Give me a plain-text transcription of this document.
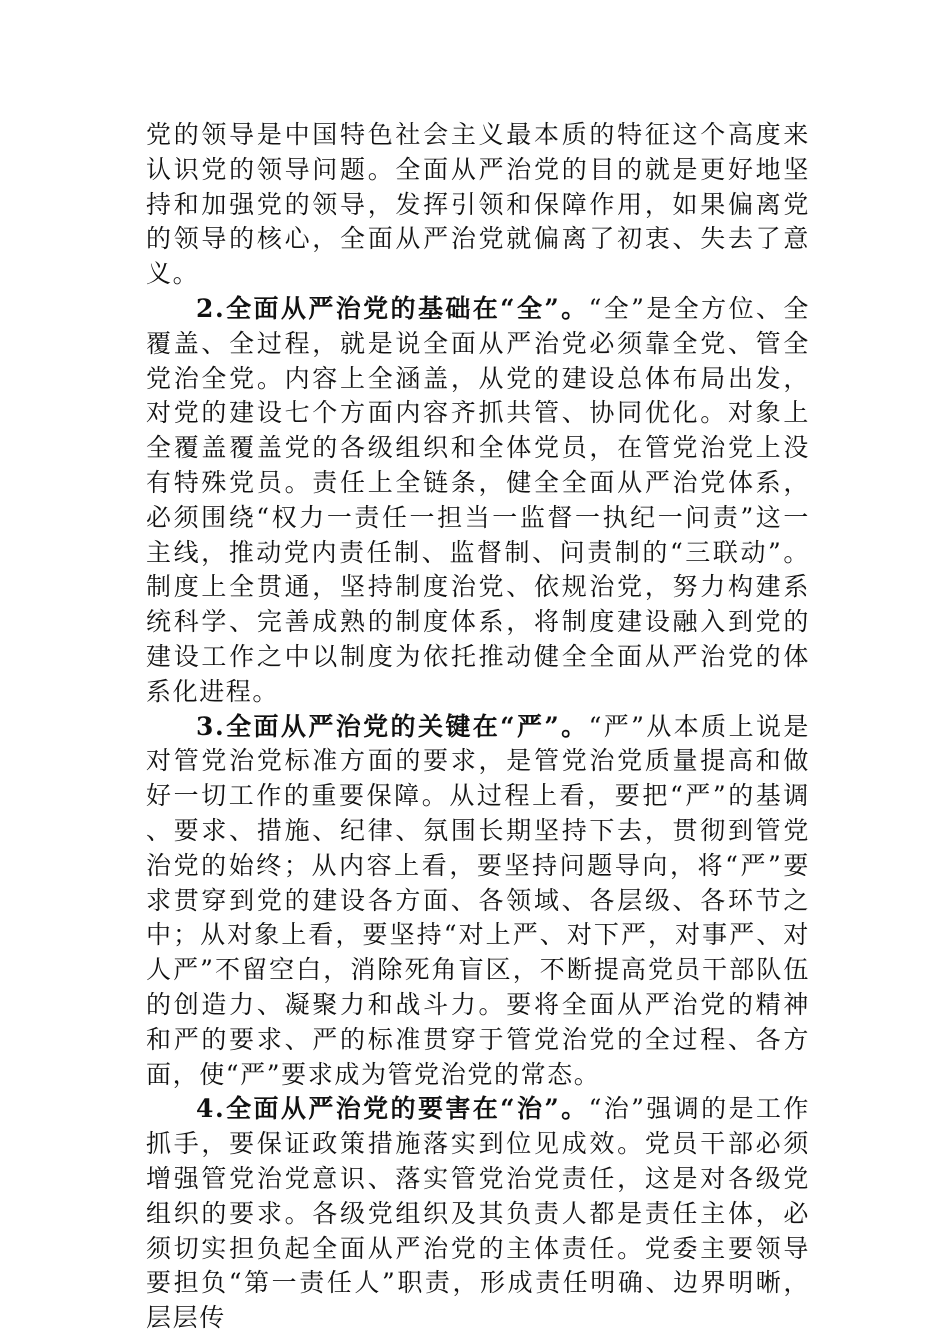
党的领导是中国特色社会主义最本质的特征这个高度来认识党的领导问题。全面从严治党的目的就是更好地坚持和加强党的领导，发挥引领和保障作用，如果偏离党的领导的核心，全面从严治党就偏离了初衷、失去了意义。

2.全面从严治党的基础在“全”。“全”是全方位、全覆盖、全过程，就是说全面从严治党必须靠全党、管全党治全党。内容上全涵盖，从党的建设总体布局出发，对党的建设七个方面内容齐抓共管、协同优化。对象上全覆盖覆盖党的各级组织和全体党员，在管党治党上没有特殊党员。责任上全链条，健全全面从严治党体系，必须围绕“权力一责任一担当一监督一执纪一问责”这一主线，推动党内责任制、监督制、问责制的“三联动”。制度上全贯通，坚持制度治党、依规治党，努力构建系统科学、完善成熟的制度体系，将制度建设融入到党的建设工作之中以制度为依托推动健全全面从严治党的体系化进程。

3.全面从严治党的关键在“严”。“严”从本质上说是对管党治党标准方面的要求，是管党治党质量提高和做好一切工作的重要保障。从过程上看，要把“严”的基调、要求、措施、纪律、氛围长期坚持下去，贯彻到管党治党的始终；从内容上看，要坚持问题导向，将“严”要求贯穿到党的建设各方面、各领域、各层级、各环节之中；从对象上看，要坚持“对上严、对下严，对事严、对人严”不留空白，消除死角盲区，不断提高党员干部队伍的创造力、凝聚力和战斗力。要将全面从严治党的精神和严的要求、严的标准贯穿于管党治党的全过程、各方面，使“严”要求成为管党治党的常态。

4.全面从严治党的要害在“治”。“治”强调的是工作抓手，要保证政策措施落实到位见成效。党员干部必须增强管党治党意识、落实管党治党责任，这是对各级党组织的要求。各级党组织及其负责人都是责任主体，必须切实担负起全面从严治党的主体责任。党委主要领导要担负“第一责任人”职责，形成责任明确、边界明晰，层层传
